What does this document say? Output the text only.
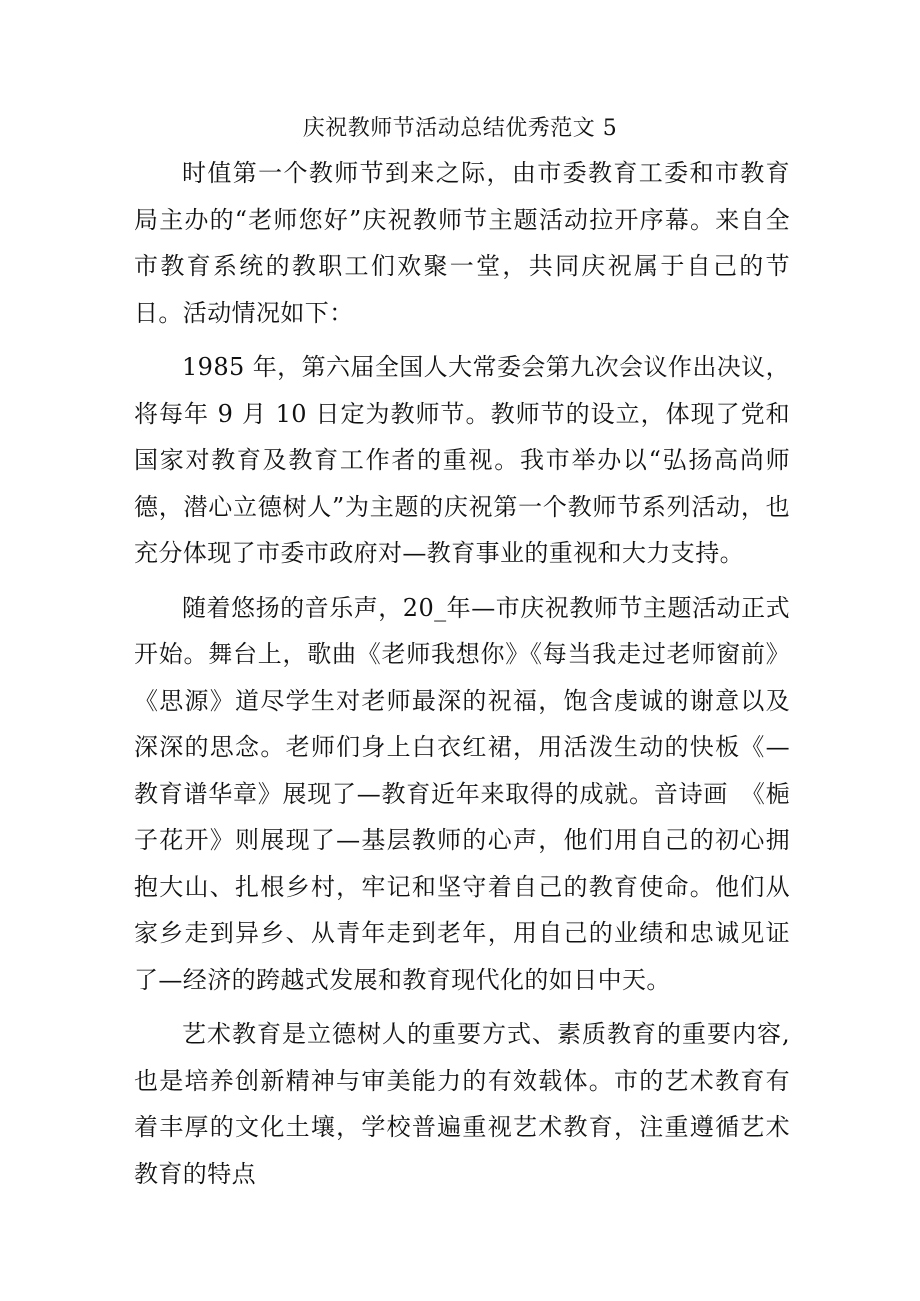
庆祝教师节活动总结优秀范文 5

时值第一个教师节到来之际，由市委教育工委和市教育局主办的“老师您好”庆祝教师节主题活动拉开序幕。来自全市教育系统的教职工们欢聚一堂，共同庆祝属于自己的节日。活动情况如下：

1985 年，第六届全国人大常委会第九次会议作出决议，将每年 9 月 10 日定为教师节。教师节的设立，体现了党和国家对教育及教育工作者的重视。我市举办以“弘扬高尚师德，潜心立德树人”为主题的庆祝第一个教师节系列活动，也充分体现了市委市政府对—教育事业的重视和大力支持。

随着悠扬的音乐声，20_年—市庆祝教师节主题活动正式开始。舞台上，歌曲《老师我想你》《每当我走过老师窗前》《思源》道尽学生对老师最深的祝福，饱含虔诚的谢意以及深深的思念。老师们身上白衣红裙，用活泼生动的快板《—教育谱华章》展现了—教育近年来取得的成就。音诗画　《梔子花开》则展现了—基层教师的心声，他们用自己的初心拥抱大山、扎根乡村，牢记和坚守着自己的教育使命。他们从家乡走到异乡、从青年走到老年，用自己的业绩和忠诚见证了—经济的跨越式发展和教育现代化的如日中天。

艺术教育是立德树人的重要方式、素质教育的重要内容,也是培养创新精神与审美能力的有效载体。市的艺术教育有着丰厚的文化土壤，学校普遍重视艺术教育，注重遵循艺术教育的特点
